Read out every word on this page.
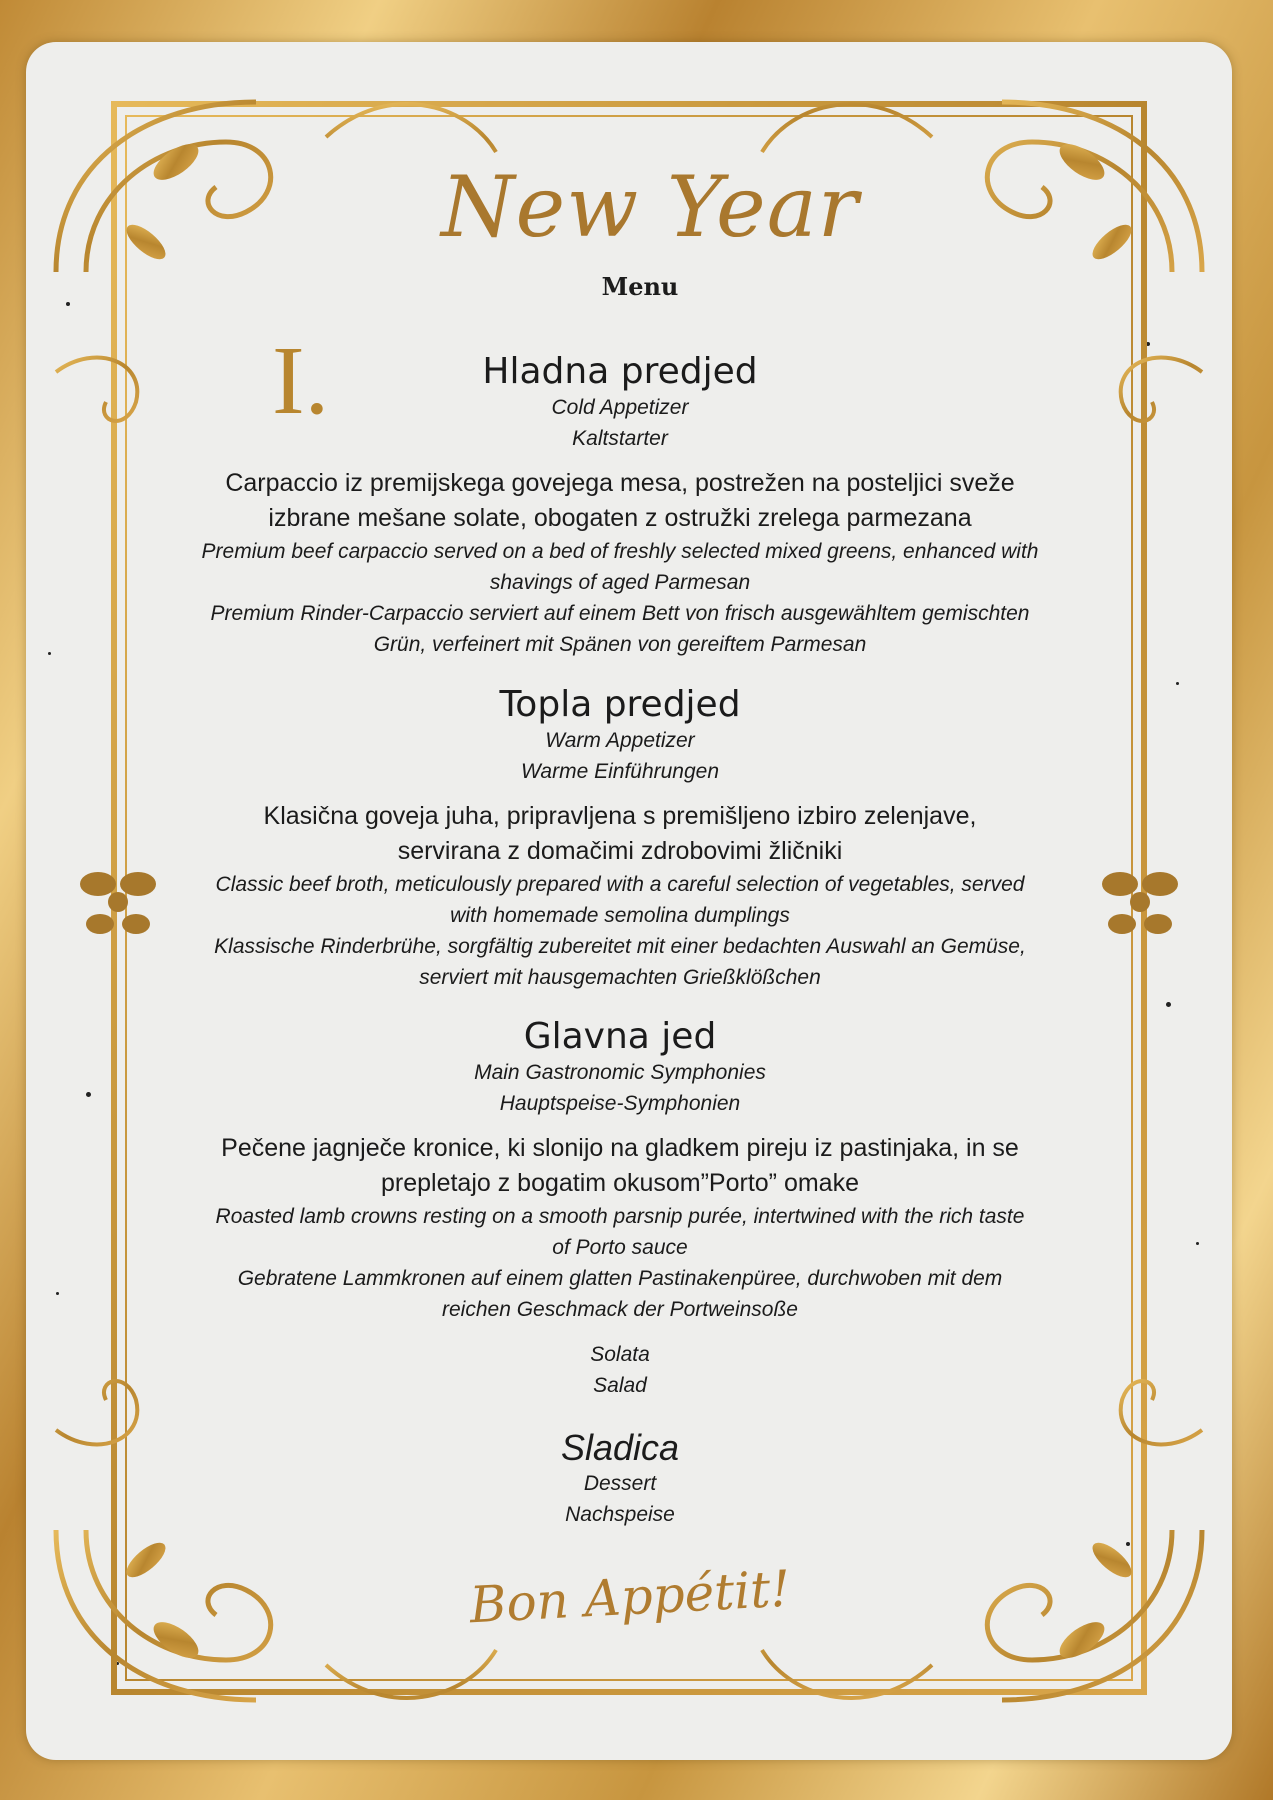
New Year
Menu
I.	Hladna predjed
Cold Appetizer
Kaltstarter
Carpaccio iz premijskega govejega mesa, postrežen na posteljici sveže
izbrane mešane solate, obogaten z ostružki zrelega parmezana
Premium beef carpaccio served on a bed of freshly selected mixed greens, enhanced with
shavings of aged Parmesan
Premium Rinder-Carpaccio serviert auf einem Bett von frisch ausgewähltem gemischten
Grün, verfeinert mit Spänen von gereiftem Parmesan
Topla predjed
Warm Appetizer
Warme Einführungen
Klasična goveja juha, pripravljena s premišljeno izbiro zelenjave,
servirana z domačimi zdrobovimi žličniki
Classic beef broth, meticulously prepared with a careful selection of vegetables, served
with homemade semolina dumplings
Klassische Rinderbrühe, sorgfältig zubereitet mit einer bedachten Auswahl an Gemüse,
serviert mit hausgemachten Grießklößchen
Glavna jed
Main Gastronomic Symphonies
Hauptspeise-Symphonien
Pečene jagnječe kronice, ki slonijo na gladkem pireju iz pastinjaka, in se
prepletajo z bogatim okusom”Porto” omake
Roasted lamb crowns resting on a smooth parsnip purée, intertwined with the rich taste
of Porto sauce
Gebratene Lammkronen auf einem glatten Pastinakenpüree, durchwoben mit dem
reichen Geschmack der Portweinsoße
Solata
Salad
Sladica
Dessert
Nachspeise
Bon Appétit!
